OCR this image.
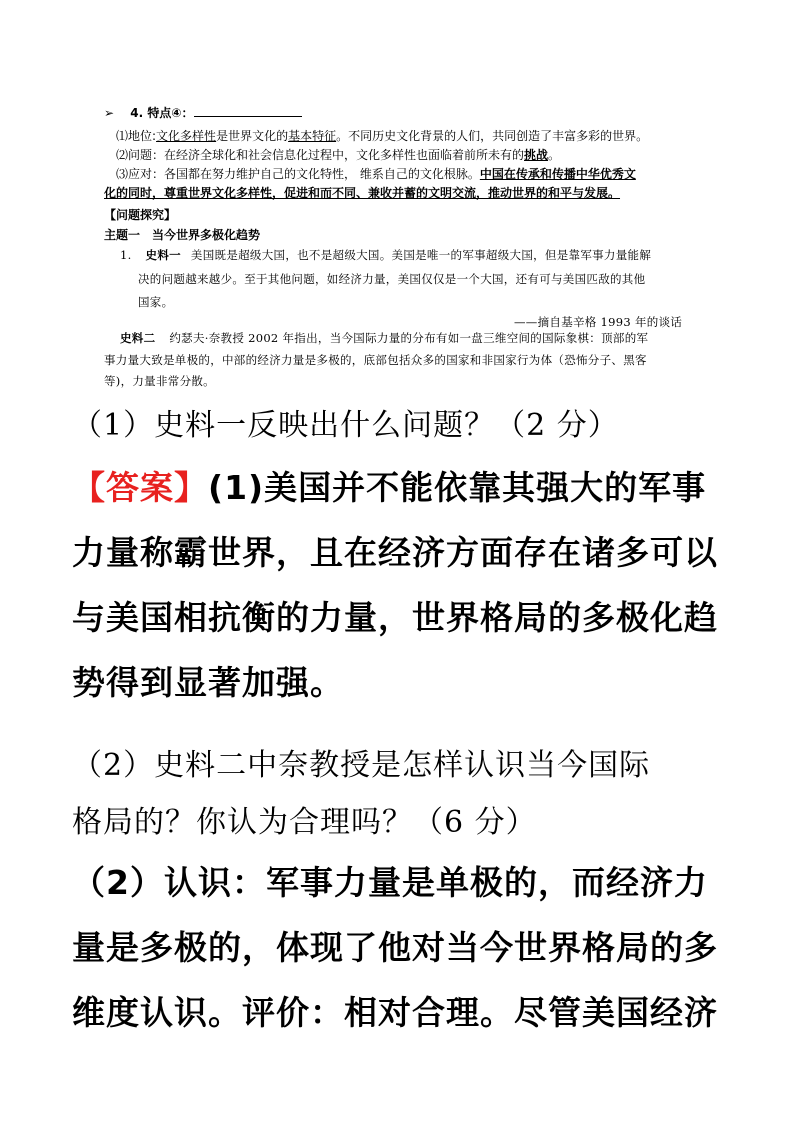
➢ 4. 特点④：
⑴地位:文化多样性是世界文化的基本特征。不同历史文化背景的人们，共同创造了丰富多彩的世界。
⑵问题：在经济全球化和社会信息化过程中，文化多样性也面临着前所未有的挑战。
⑶应对：各国都在努力维护自己的文化特性， 维系自己的文化根脉。中国在传承和传播中华优秀文
化的同时，尊重世界文化多样性，促进和而不同、兼收并蓄的文明交流，推动世界的和平与发展。
【问题探究】
主题一　当今世界多极化趋势
1. 史料一 美国既是超级大国，也不是超级大国。美国是唯一的军事超级大国，但是靠军事力量能解
决的问题越来越少。至于其他问题，如经济力量，美国仅仅是一个大国，还有可与美国匹敌的其他
国家。
——摘自基辛格 1993 年的谈话
史料二 约瑟夫·奈教授 2002 年指出，当今国际力量的分布有如一盘三维空间的国际象棋：顶部的军
事力量大致是单极的，中部的经济力量是多极的，底部包括众多的国家和非国家行为体（恐怖分子、黑客
等)，力量非常分散。
（1）史料一反映出什么问题？（2 分）
【答案】(1)美国并不能依靠其强大的军事
力量称霸世界，且在经济方面存在诸多可以
与美国相抗衡的力量，世界格局的多极化趋
势得到显著加强。
（2）史料二中奈教授是怎样认识当今国际
格局的？你认为合理吗？（6 分）
（2）认识：军事力量是单极的，而经济力
量是多极的，体现了他对当今世界格局的多
维度认识。评价：相对合理。尽管美国经济
